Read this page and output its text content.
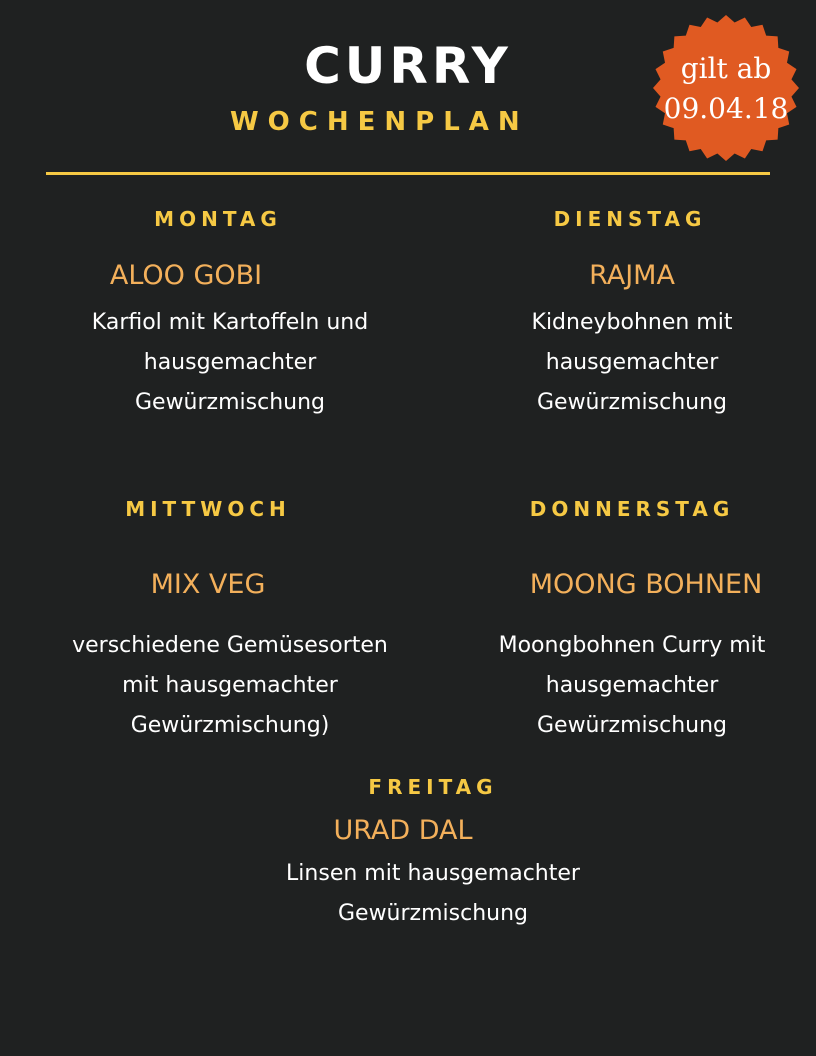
CURRY
WOCHENPLAN
gilt ab
09.04.18
MONTAG
ALOO GOBI
Karfiol mit Kartoffeln und
hausgemachter
Gewürzmischung
DIENSTAG
RAJMA
Kidneybohnen mit
hausgemachter
Gewürzmischung
MITTWOCH
MIX VEG
verschiedene Gemüsesorten
mit hausgemachter
Gewürzmischung)
DONNERSTAG
MOONG BOHNEN
Moongbohnen Curry mit
hausgemachter
Gewürzmischung
FREITAG
URAD DAL
Linsen mit hausgemachter
Gewürzmischung
